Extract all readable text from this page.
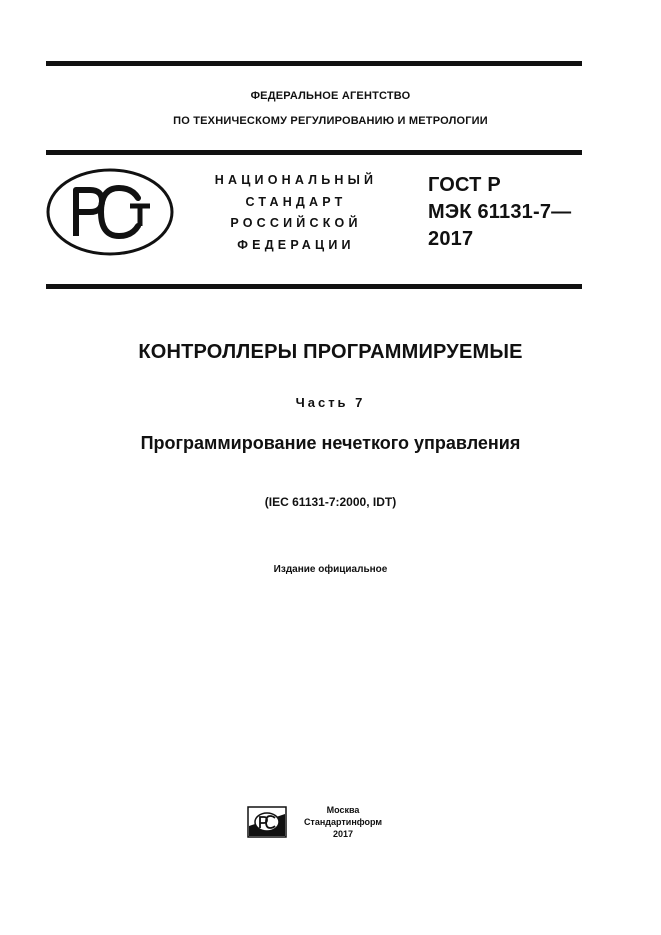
ФЕДЕРАЛЬНОЕ АГЕНТСТВО
ПО ТЕХНИЧЕСКОМУ РЕГУЛИРОВАНИЮ И МЕТРОЛОГИИ
НАЦИОНАЛЬНЫЙ
СТАНДАРТ
РОССИЙСКОЙ
ФЕДЕРАЦИИ
ГОСТ Р
МЭК 61131-7—
2017
КОНТРОЛЛЕРЫ ПРОГРАММИРУЕМЫЕ
Часть 7
Программирование нечеткого управления
(IEC 61131-7:2000, IDT)
Издание официальное
Москва
Стандартинформ
2017
